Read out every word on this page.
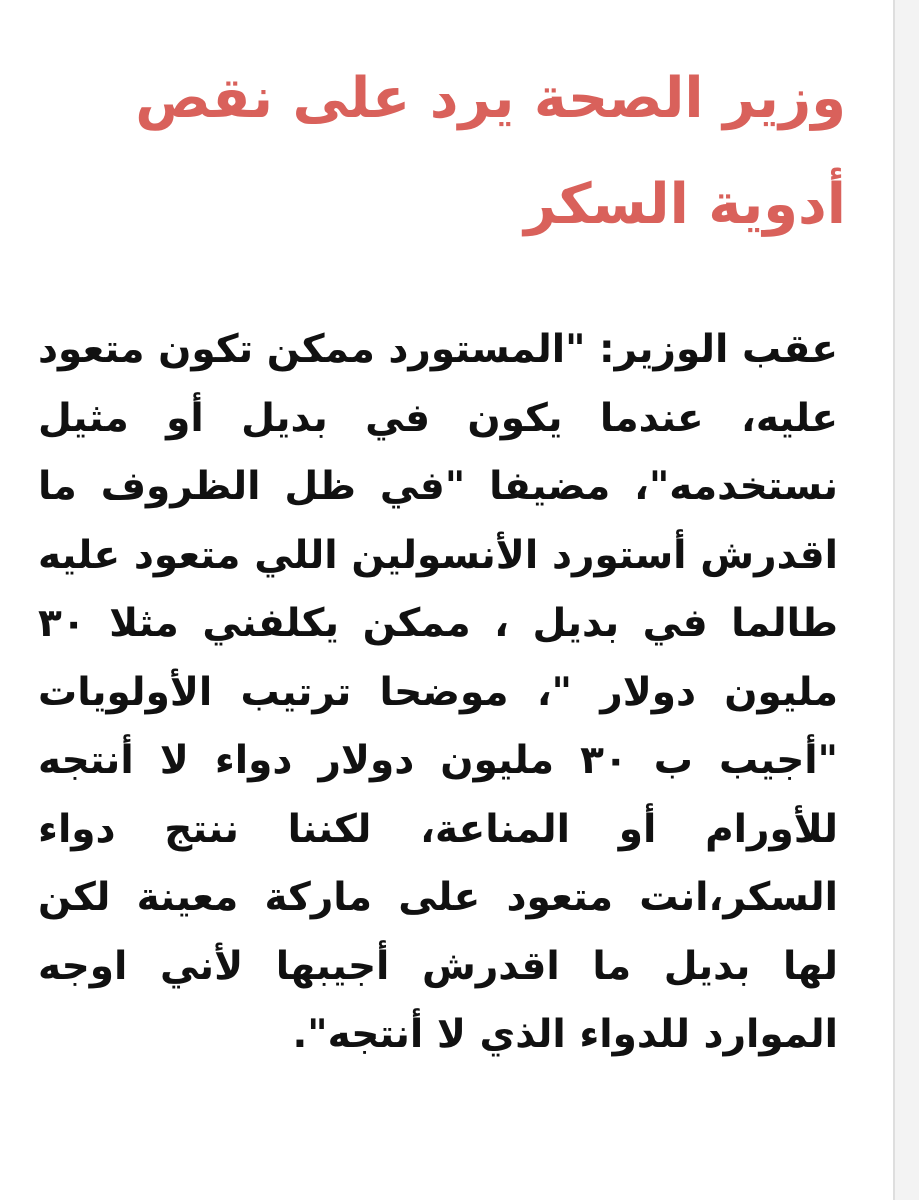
وزير الصحة يرد على نقص أدوية السكر

عقب الوزير: "المستورد ممكن تكون متعود عليه، عندما يكون في بديل أو مثيل نستخدمه"، مضيفا "في ظل الظروف ما اقدرش أستورد الأنسولين اللي متعود عليه طالما في بديل ، ممكن يكلفني مثلا ٣٠ مليون دولار "، موضحا ترتيب الأولويات "أجيب ب ٣٠ مليون دولار دواء لا أنتجه للأورام أو المناعة، لكننا ننتج دواء السكر،انت متعود على ماركة معينة لكن لها بديل ما اقدرش أجيبها لأني اوجه الموارد للدواء الذي لا أنتجه".
